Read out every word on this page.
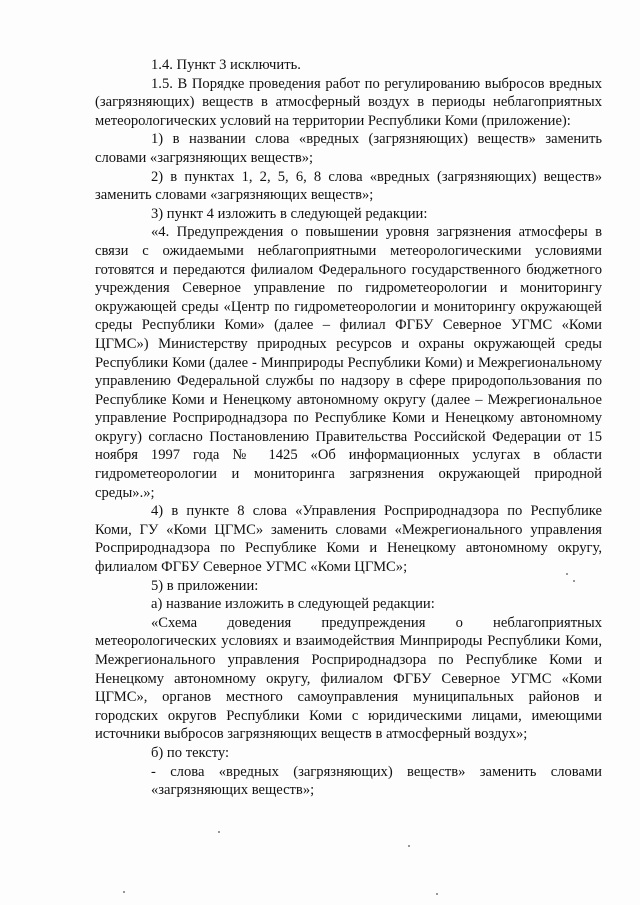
1.4. Пункт 3 исключить.

1.5. В Порядке проведения работ по регулированию выбросов вредных (загрязняющих) веществ в атмосферный воздух в периоды неблагоприятных метеорологических условий на территории Республики Коми (приложение):

1) в названии слова «вредных (загрязняющих) веществ» заменить словами «загрязняющих веществ»;

2) в пунктах 1, 2, 5, 6, 8 слова «вредных (загрязняющих) веществ» заменить словами «загрязняющих веществ»;

3) пункт 4 изложить в следующей редакции:

«4. Предупреждения о повышении уровня загрязнения атмосферы в связи с ожидаемыми неблагоприятными метеорологическими условиями готовятся и передаются филиалом Федерального государственного бюджетного учреждения Северное управление по гидрометеорологии и мониторингу окружающей среды «Центр по гидрометеорологии и мониторингу окружающей среды Республики Коми» (далее – филиал ФГБУ Северное УГМС «Коми ЦГМС») Министерству природных ресурсов и охраны окружающей среды Республики Коми (далее - Минприроды Республики Коми) и Межрегиональному управлению Федеральной службы по надзору в сфере природопользования по Республике Коми и Ненецкому автономному округу (далее – Межрегиональное управление Росприроднадзора по Республике Коми и Ненецкому автономному округу) согласно Постановлению Правительства Российской Федерации от 15 ноября 1997 года № 1425 «Об информационных услугах в области гидрометеорологии и мониторинга загрязнения окружающей природной среды».»;

4) в пункте 8 слова «Управления Росприроднадзора по Республике Коми, ГУ «Коми ЦГМС» заменить словами «Межрегионального управления Росприроднадзора по Республике Коми и Ненецкому автономному округу, филиалом ФГБУ Северное УГМС «Коми ЦГМС»;

5) в приложении:

а) название изложить в следующей редакции:

«Схема доведения предупреждения о неблагоприятных метеорологических условиях и взаимодействия Минприроды Республики Коми, Межрегионального управления Росприроднадзора по Республике Коми и Ненецкому автономному округу, филиалом ФГБУ Северное УГМС «Коми ЦГМС», органов местного самоуправления муниципальных районов и городских округов Республики Коми с юридическими лицами, имеющими источники выбросов загрязняющих веществ в атмосферный воздух»;

б) по тексту:

- слова «вредных (загрязняющих) веществ» заменить словами

«загрязняющих веществ»;
